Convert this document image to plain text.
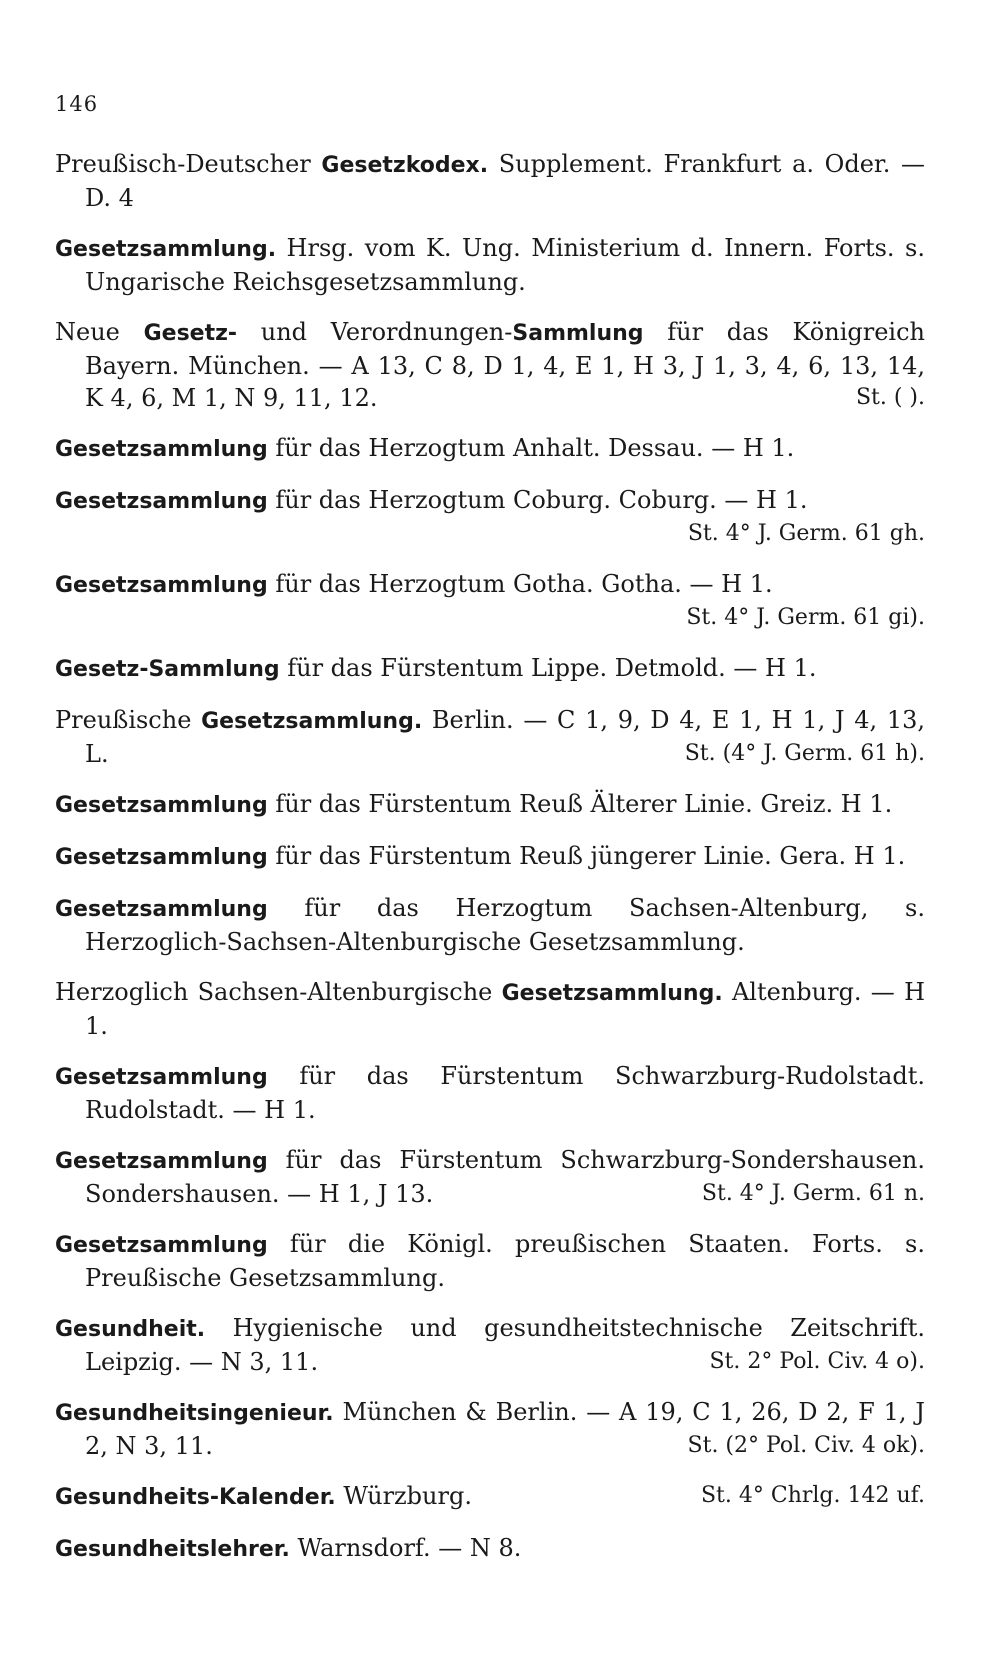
146
Preußisch-Deutscher Gesetzkodex. Supplement. Frankfurt a. Oder. — D. 4
Gesetzsammlung. Hrsg. vom K. Ung. Ministerium d. Innern. Forts. s. Ungarische Reichsgesetzsammlung.
Neue Gesetz- und Verordnungen-Sammlung für das Königreich Bayern. München. — A 13, C 8, D 1, 4, E 1, H 3, J 1, 3, 4, 6, 13, 14, K 4, 6, M 1, N 9, 11, 12.	St. ( ).
Gesetzsammlung für das Herzogtum Anhalt. Dessau. — H 1.
Gesetzsammlung für das Herzogtum Coburg. Coburg. — H 1.
St. 4° J. Germ. 61 gh.
Gesetzsammlung für das Herzogtum Gotha. Gotha. — H 1.
St. 4° J. Germ. 61 gi).
Gesetz-Sammlung für das Fürstentum Lippe. Detmold. — H 1.
Preußische Gesetzsammlung. Berlin. — C 1, 9, D 4, E 1, H 1, J 4, 13, L.	St. (4° J. Germ. 61 h).
Gesetzsammlung für das Fürstentum Reuß Älterer Linie. Greiz. H 1.
Gesetzsammlung für das Fürstentum Reuß jüngerer Linie. Gera. H 1.
Gesetzsammlung für das Herzogtum Sachsen-Altenburg, s. Herzoglich-Sachsen-Altenburgische Gesetzsammlung.
Herzoglich Sachsen-Altenburgische Gesetzsammlung. Altenburg. — H 1.
Gesetzsammlung für das Fürstentum Schwarzburg-Rudolstadt. Rudolstadt. — H 1.
Gesetzsammlung für das Fürstentum Schwarzburg-Sondershausen. Sondershausen. — H 1, J 13.	St. 4° J. Germ. 61 n.
Gesetzsammlung für die Königl. preußischen Staaten. Forts. s. Preußische Gesetzsammlung.
Gesundheit. Hygienische und gesundheitstechnische Zeitschrift. Leipzig. — N 3, 11.	St. 2° Pol. Civ. 4 o).
Gesundheitsingenieur. München & Berlin. — A 19, C 1, 26, D 2, F 1, J 2, N 3, 11.	St. (2° Pol. Civ. 4 ok).
Gesundheits-Kalender. Würzburg.	St. 4° Chrlg. 142 uf.
Gesundheitslehrer. Warnsdorf. — N 8.
